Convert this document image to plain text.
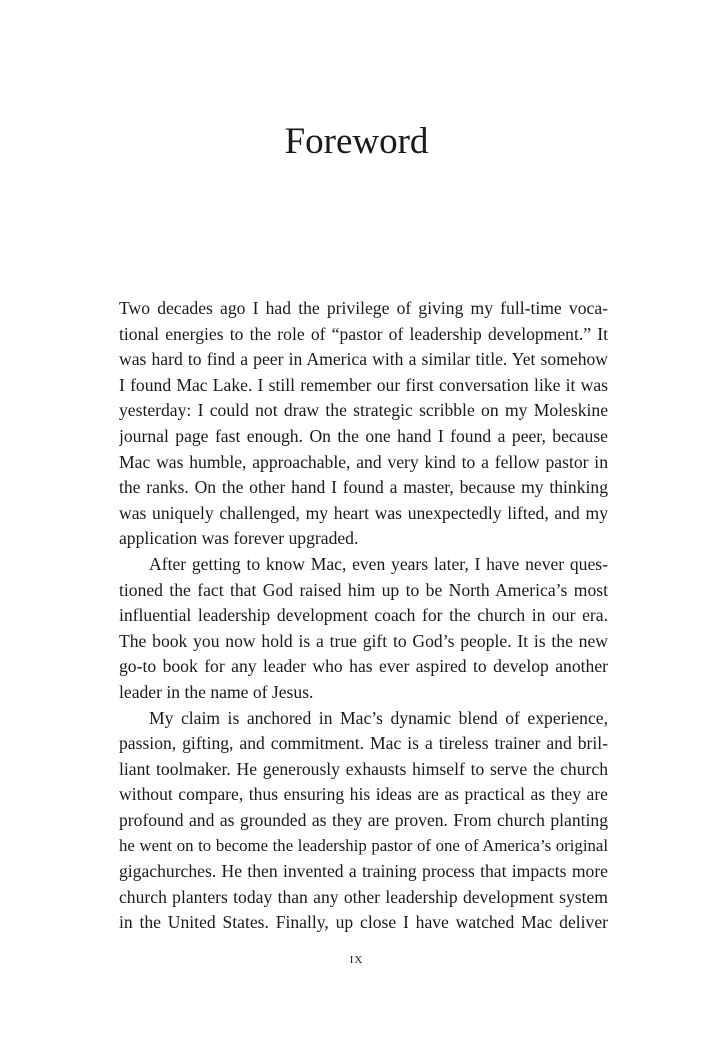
Foreword
Two decades ago I had the privilege of giving my full-time voca-
tional energies to the role of “pastor of leadership development.” It
was hard to find a peer in America with a similar title. Yet somehow
I found Mac Lake. I still remember our first conversation like it was
yesterday: I could not draw the strategic scribble on my Moleskine
journal page fast enough. On the one hand I found a peer, because
Mac was humble, approachable, and very kind to a fellow pastor in
the ranks. On the other hand I found a master, because my thinking
was uniquely challenged, my heart was unexpectedly lifted, and my
application was forever upgraded.
After getting to know Mac, even years later, I have never ques-
tioned the fact that God raised him up to be North America’s most
influential leadership development coach for the church in our era.
The book you now hold is a true gift to God’s people. It is the new
go-to book for any leader who has ever aspired to develop another
leader in the name of Jesus.
My claim is anchored in Mac’s dynamic blend of experience,
passion, gifting, and commitment. Mac is a tireless trainer and bril-
liant toolmaker. He generously exhausts himself to serve the church
without compare, thus ensuring his ideas are as practical as they are
profound and as grounded as they are proven. From church planting
he went on to become the leadership pastor of one of America’s original
gigachurches. He then invented a training process that impacts more
church planters today than any other leadership development system
in the United States. Finally, up close I have watched Mac deliver
IX
